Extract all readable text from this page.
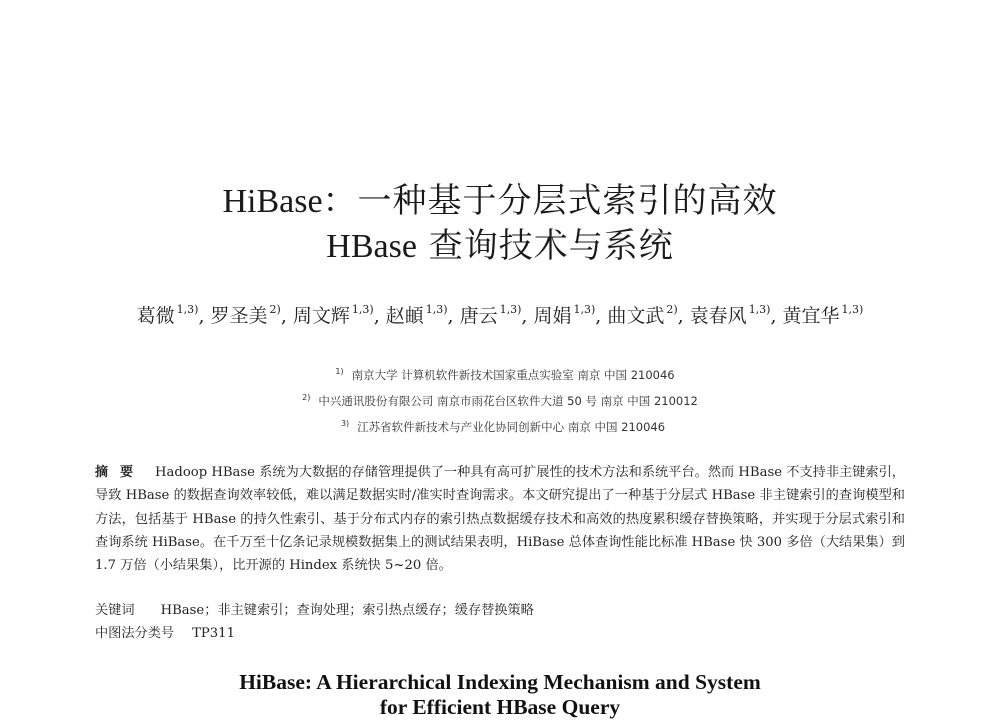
HiBase：一种基于分层式索引的高效
HBase 查询技术与系统
葛微 $^{1,3)}$, 罗圣美 $^{2)}$, 周文辉 $^{1,3)}$, 赵頔 $^{1,3)}$, 唐云 $^{1,3)}$, 周娟 $^{1,3)}$, 曲文武 $^{2)}$, 袁春风 $^{1,3)}$, 黄宜华 $^{1,3)}$
$^{1)}$ 南京大学 计算机软件新技术国家重点实验室 南京 中国 210046
$^{2)}$ 中兴通讯股份有限公司 南京市雨花台区软件大道 50 号 南京 中国 210012
$^{3)}$ 江苏省软件新技术与产业化协同创新中心 南京 中国 210046
摘要 Hadoop HBase 系统为大数据的存储管理提供了一种具有高可扩展性的技术方法和系统平台。然而 HBase 不支持非主键索引，导致 HBase 的数据查询效率较低，难以满足数据实时/准实时查询需求。本文研究提出了一种基于分层式 HBase 非主键索引的查询模型和方法，包括基于 HBase 的持久性索引、基于分布式内存的索引热点数据缓存技术和高效的热度累积缓存替换策略，并实现于分层式索引和查询系统 HiBase。在千万至十亿条记录规模数据集上的测试结果表明，HiBase 总体查询性能比标准 HBase 快 300 多倍（大结果集）到 1.7 万倍（小结果集），比开源的 Hindex 系统快 5~20 倍。
关键词 HBase；非主键索引；查询处理；索引热点缓存；缓存替换策略
中图法分类号 TP311
HiBase: A Hierarchical Indexing Mechanism and System
for Efficient HBase Query
